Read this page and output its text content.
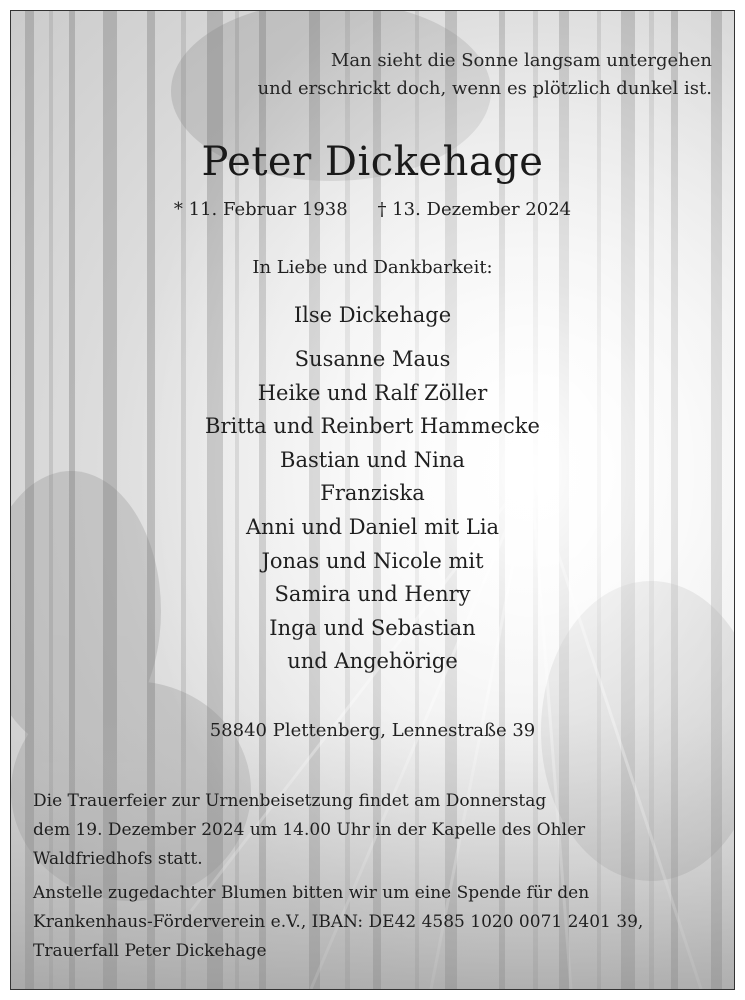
Man sieht die Sonne langsam untergehen
und erschrickt doch, wenn es plötzlich dunkel ist.
Peter Dickehage
* 11. Februar 1938 † 13. Dezember 2024
In Liebe und Dankbarkeit:
Ilse Dickehage
Susanne Maus
Heike und Ralf Zöller
Britta und Reinbert Hammecke
Bastian und Nina
Franziska
Anni und Daniel mit Lia
Jonas und Nicole mit
Samira und Henry
Inga und Sebastian
und Angehörige
58840 Plettenberg, Lennestraße 39
Die Trauerfeier zur Urnenbeisetzung findet am Donnerstag
dem 19. Dezember 2024 um 14.00 Uhr in der Kapelle des Ohler
Waldfriedhofs statt.
Anstelle zugedachter Blumen bitten wir um eine Spende für den
Krankenhaus-Förderverein e.V., IBAN: DE42 4585 1020 0071 2401 39,
Trauerfall Peter Dickehage
